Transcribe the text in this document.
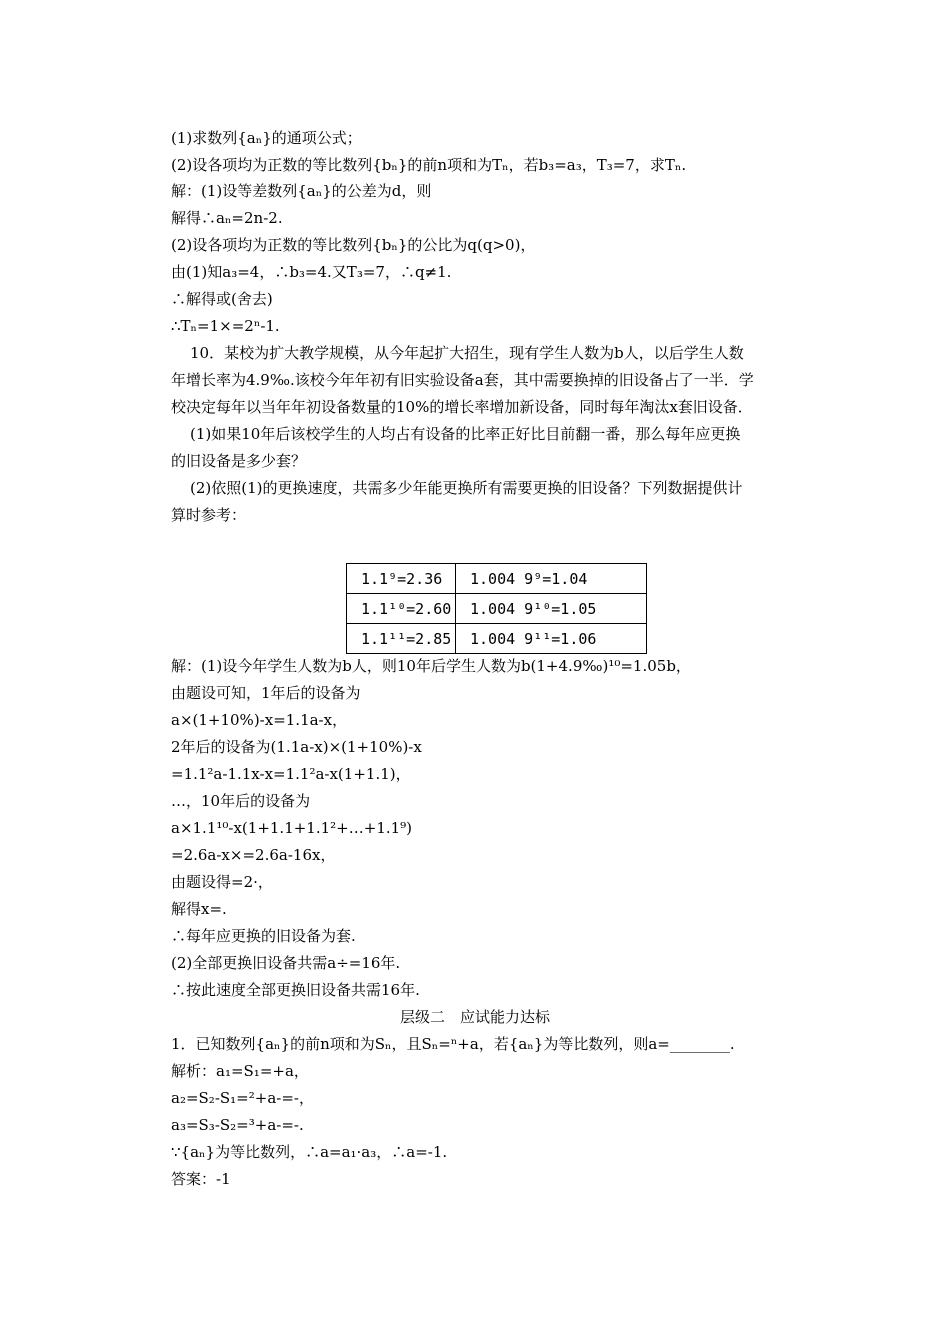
(1)求数列{aₙ}的通项公式；
(2)设各项均为正数的等比数列{bₙ}的前n项和为Tₙ，若b₃=a₃，T₃=7，求Tₙ.
解：(1)设等差数列{aₙ}的公差为d，则
解得∴aₙ=2n-2.
(2)设各项均为正数的等比数列{bₙ}的公比为q(q>0)，
由(1)知a₃=4，∴b₃=4.又T₃=7，∴q≠1.
∴解得或(舍去)
∴Tₙ=1×=2ⁿ-1.
10．某校为扩大教学规模，从今年起扩大招生，现有学生人数为b人，以后学生人数
年增长率为4.9‰.该校今年年初有旧实验设备a套，其中需要换掉的旧设备占了一半．学
校决定每年以当年年初设备数量的10%的增长率增加新设备，同时每年淘汰x套旧设备．
(1)如果10年后该校学生的人均占有设备的比率正好比目前翻一番，那么每年应更换
的旧设备是多少套？
(2)依照(1)的更换速度，共需多少年能更换所有需要更换的旧设备？下列数据提供计
算时参考：
解：(1)设今年学生人数为b人，则10年后学生人数为b(1+4.9‰)¹⁰=1.05b，
由题设可知，1年后的设备为
a×(1+10%)-x=1.1a-x，
2年后的设备为(1.1a-x)×(1+10%)-x
=1.1²a-1.1x-x=1.1²a-x(1+1.1)，
…，10年后的设备为
a×1.1¹⁰-x(1+1.1+1.1²+…+1.1⁹)
=2.6a-x×=2.6a-16x，
由题设得=2·，
解得x=.
∴每年应更换的旧设备为套.
(2)全部更换旧设备共需a÷=16年.
∴按此速度全部更换旧设备共需16年.
1．已知数列{aₙ}的前n项和为Sₙ，且Sₙ=ⁿ+a，若{aₙ}为等比数列，则a=________.
解析：a₁=S₁=+a，
a₂=S₂-S₁=²+a-=-，
a₃=S₃-S₂=³+a-=-.
∵{aₙ}为等比数列，∴a=a₁·a₃，∴a=-1.
答案：-1
层级二　应试能力达标
1.1⁹=2.36	1.004 9⁹=1.04
1.1¹⁰=2.60	1.004 9¹⁰=1.05
1.1¹¹=2.85	1.004 9¹¹=1.06
